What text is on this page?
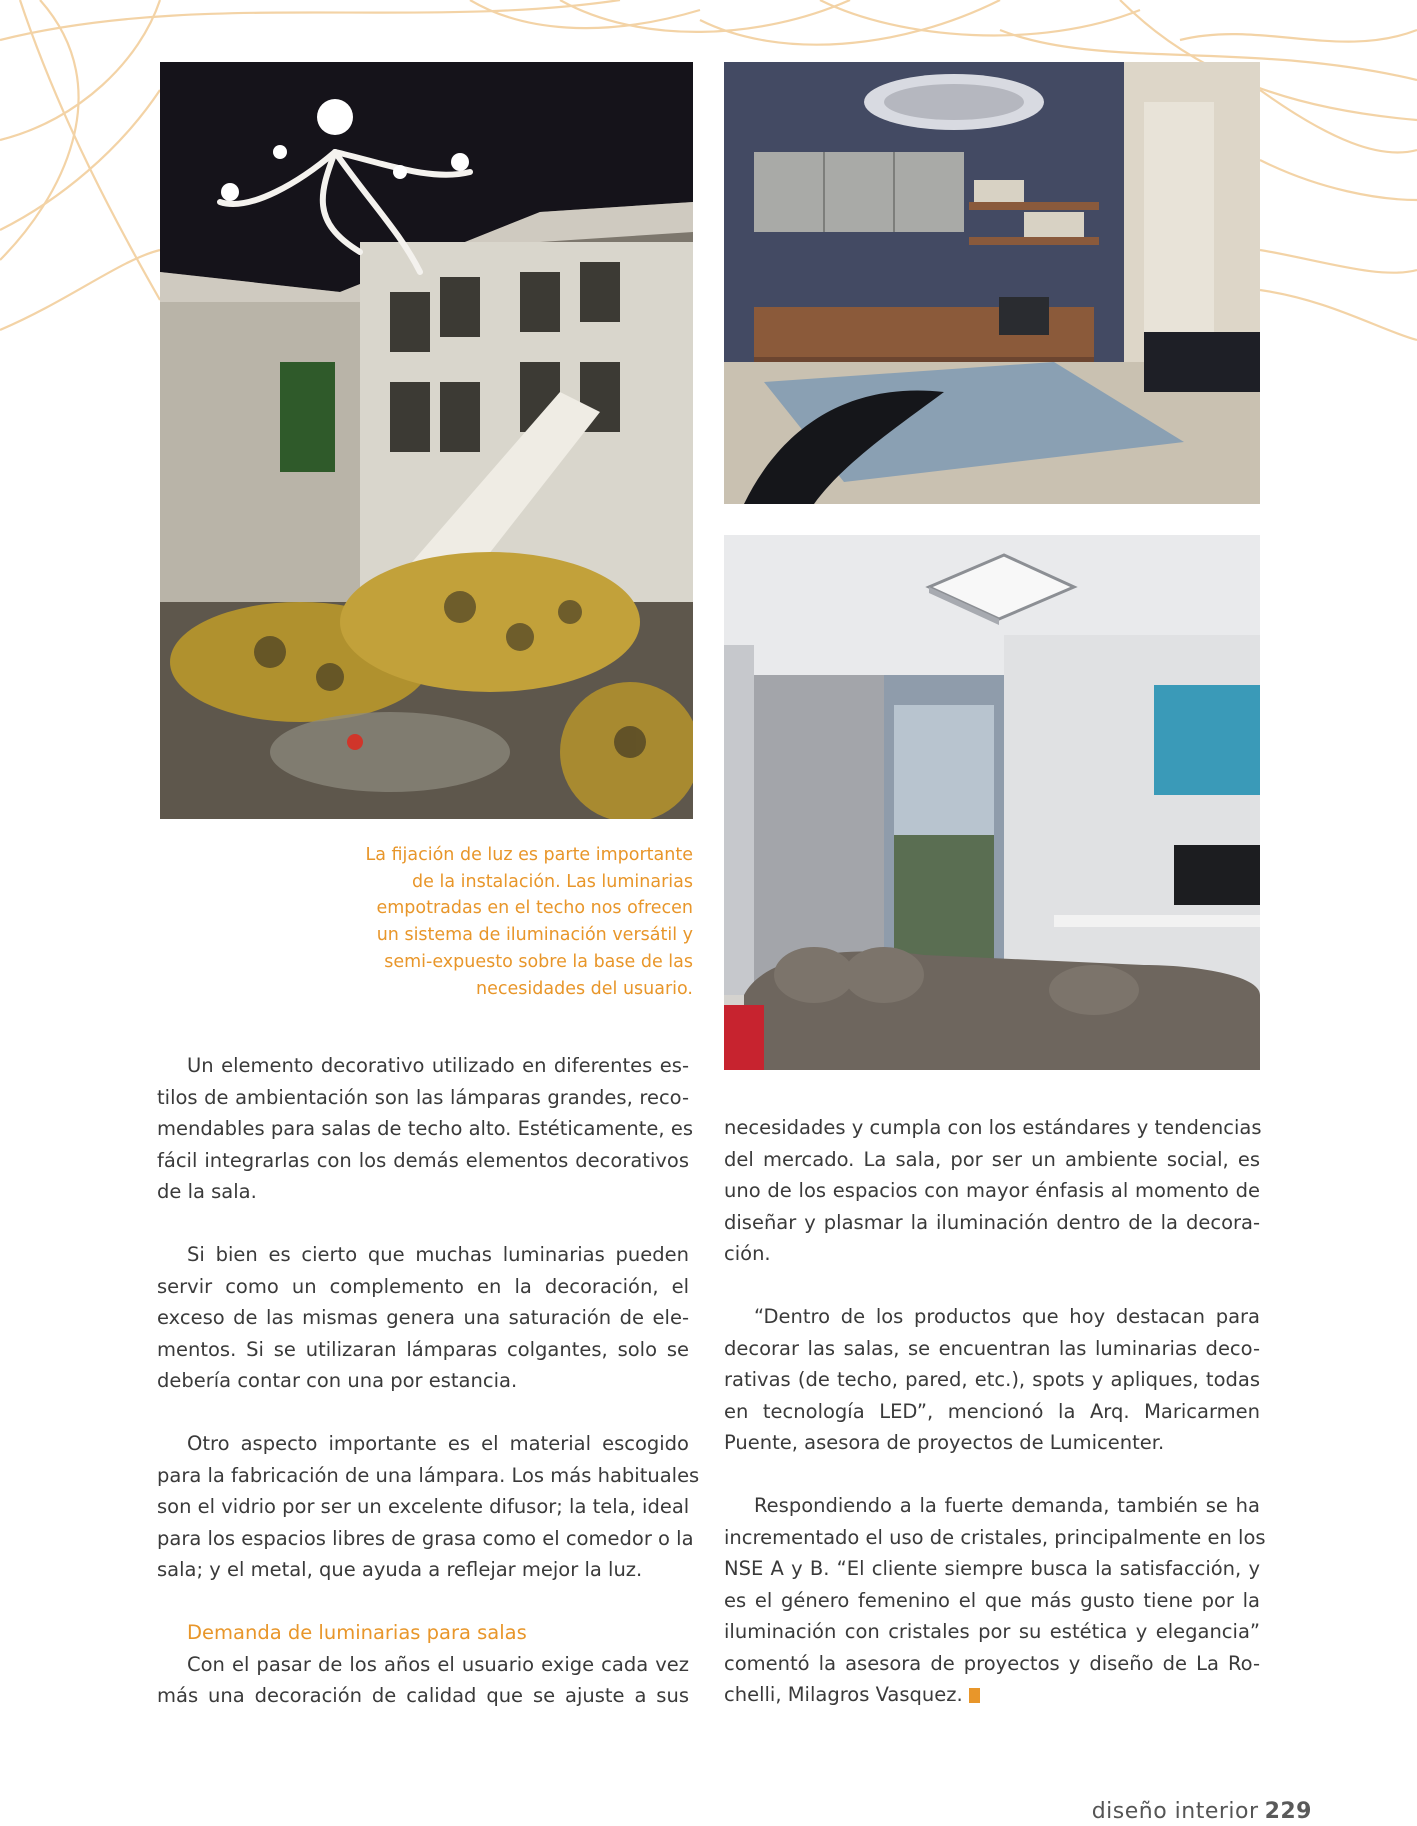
La fijación de luz es parte importante

de la instalación. Las luminarias

empotradas en el techo nos ofrecen

un sistema de iluminación versátil y

semi-expuesto sobre la base de las

necesidades del usuario.

Un elemento decorativo utilizado en diferentes es-
tilos de ambientación son las lámparas grandes, reco-
mendables para salas de techo alto. Estéticamente, es
fácil integrarlas con los demás elementos decorativos
de la sala.

Si bien es cierto que muchas luminarias pueden
servir como un complemento en la decoración, el
exceso de las mismas genera una saturación de ele-
mentos. Si se utilizaran lámparas colgantes, solo se
debería contar con una por estancia.

Otro aspecto importante es el material escogido
para la fabricación de una lámpara. Los más habituales
son el vidrio por ser un excelente difusor; la tela, ideal
para los espacios libres de grasa como el comedor o la
sala; y el metal, que ayuda a reflejar mejor la luz.

Demanda de luminarias para salas

Con el pasar de los años el usuario exige cada vez
más una decoración de calidad que se ajuste a sus

necesidades y cumpla con los estándares y tendencias
del mercado. La sala, por ser un ambiente social, es
uno de los espacios con mayor énfasis al momento de
diseñar y plasmar la iluminación dentro de la decora-
ción.

“Dentro de los productos que hoy destacan para
decorar las salas, se encuentran las luminarias deco-
rativas (de techo, pared, etc.), spots y apliques, todas
en tecnología LED”, mencionó la Arq. Maricarmen
Puente, asesora de proyectos de Lumicenter.

Respondiendo a la fuerte demanda, también se ha
incrementado el uso de cristales, principalmente en los
NSE A y B. “El cliente siempre busca la satisfacción, y
es el género femenino el que más gusto tiene por la
iluminación con cristales por su estética y elegancia”
comentó la asesora de proyectos y diseño de La Ro-
chelli, Milagros Vasquez.

diseño interior 229
